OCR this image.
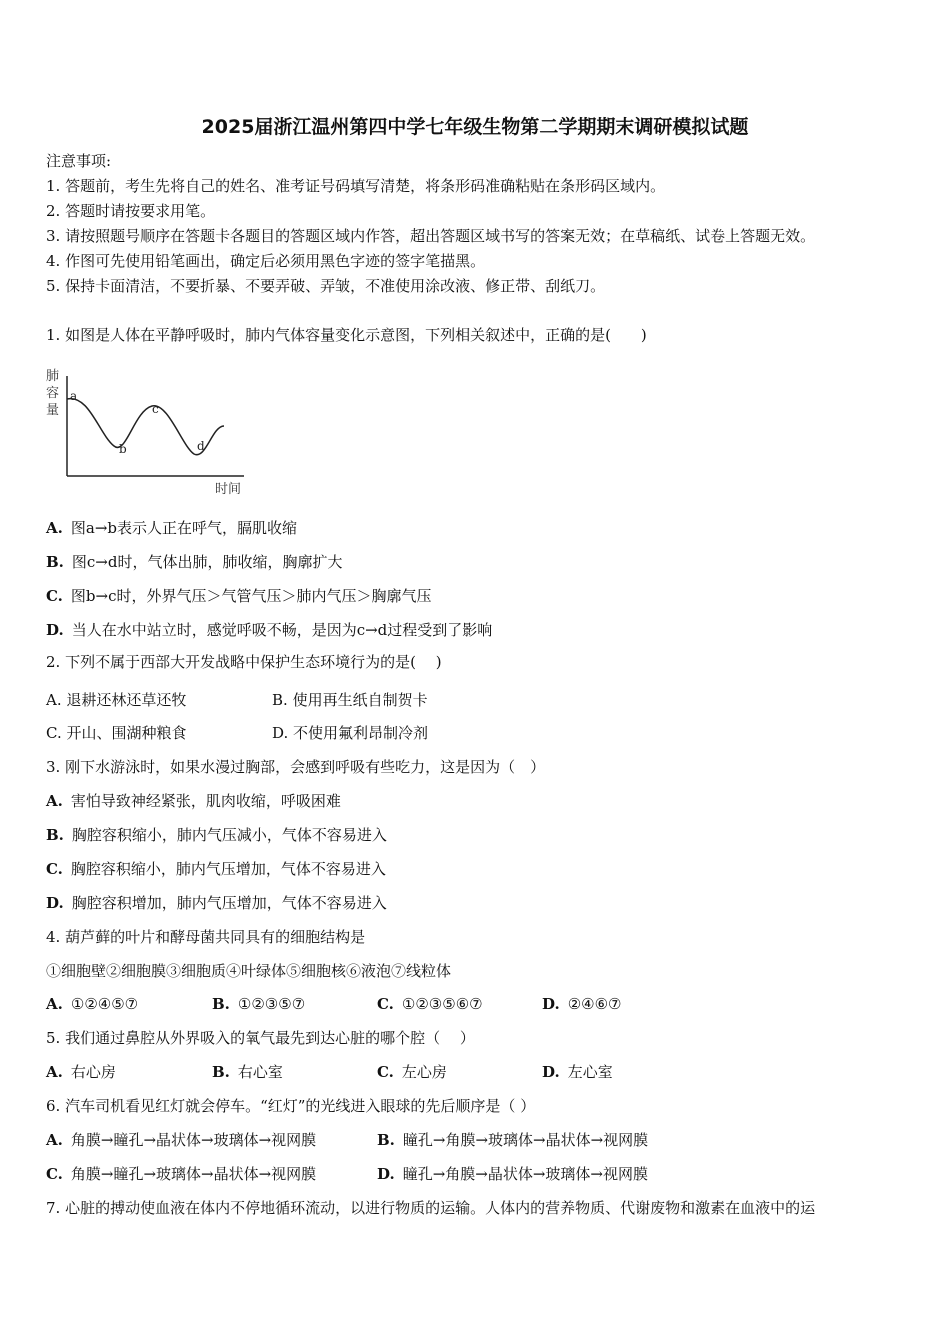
2025届浙江温州第四中学七年级生物第二学期期末调研模拟试题
注意事项:
1. 答题前，考生先将自己的姓名、准考证号码填写清楚，将条形码准确粘贴在条形码区域内。
2. 答题时请按要求用笔。
3. 请按照题号顺序在答题卡各题目的答题区域内作答，超出答题区域书写的答案无效；在草稿纸、试卷上答题无效。
4. 作图可先使用铅笔画出，确定后必须用黑色字迹的签字笔描黑。
5. 保持卡面清洁，不要折暴、不要弄破、弄皱，不准使用涂改液、修正带、刮纸刀。
1. 如图是人体在平静呼吸时，肺内气体容量变化示意图，下列相关叙述中，正确的是(　　)
肺
容
量
a
b
c
d
时间
A. 图a→b表示人正在呼气，膈肌收缩
B. 图c→d时，气体出肺，肺收缩，胸廓扩大
C. 图b→c时，外界气压＞气管气压＞肺内气压＞胸廓气压
D. 当人在水中站立时，感觉呼吸不畅，是因为c→d过程受到了影响
2. 下列不属于西部大开发战略中保护生态环境行为的是(　 )
A. 退耕还林还草还牧	B. 使用再生纸自制贺卡
C. 开山、围湖种粮食	D. 不使用氟利昂制冷剂
3. 刚下水游泳时，如果水漫过胸部，会感到呼吸有些吃力，这是因为（　）
A. 害怕导致神经紧张，肌肉收缩，呼吸困难
B. 胸腔容积缩小，肺内气压减小，气体不容易进入
C. 胸腔容积缩小，肺内气压增加，气体不容易进入
D. 胸腔容积增加，肺内气压增加，气体不容易进入
4. 葫芦藓的叶片和酵母菌共同具有的细胞结构是
①细胞壁②细胞膜③细胞质④叶绿体⑤细胞核⑥液泡⑦线粒体
A. ①②④⑤⑦	B. ①②③⑤⑦	C. ①②③⑤⑥⑦	D. ②④⑥⑦
5. 我们通过鼻腔从外界吸入的氧气最先到达心脏的哪个腔（　 ）
A. 右心房	B. 右心室	C. 左心房	D. 左心室
6. 汽车司机看见红灯就会停车。“红灯”的光线进入眼球的先后顺序是（ ）
A. 角膜→瞳孔→晶状体→玻璃体→视网膜	B. 瞳孔→角膜→玻璃体→晶状体→视网膜
C. 角膜→瞳孔→玻璃体→晶状体→视网膜	D. 瞳孔→角膜→晶状体→玻璃体→视网膜
7. 心脏的搏动使血液在体内不停地循环流动，以进行物质的运输。人体内的营养物质、代谢废物和激素在血液中的运
